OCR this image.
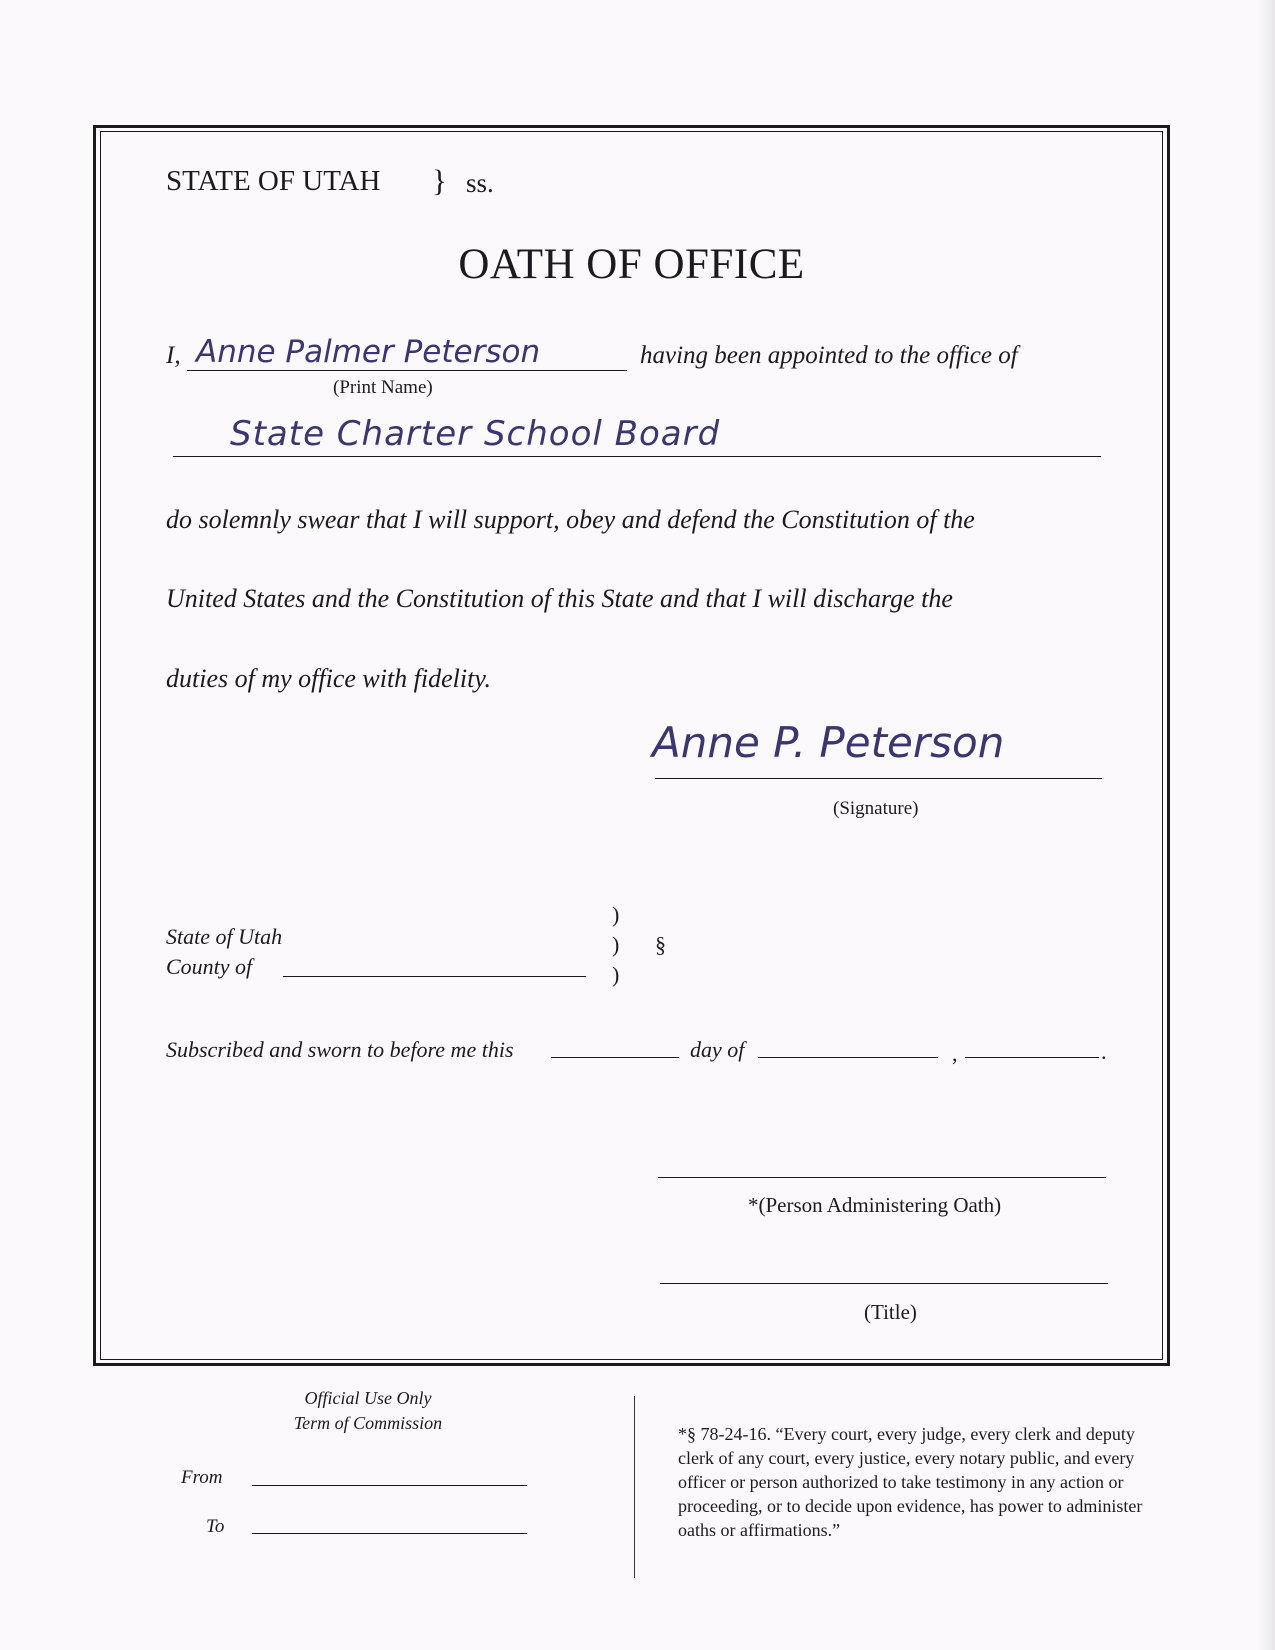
STATE OF UTAH } ss.
OATH OF OFFICE
I, Anne Palmer Peterson	having been appointed to the office of
(Print Name)
State Charter School Board
do solemnly swear that I will support, obey and defend the Constitution of the
United States and the Constitution of this State and that I will discharge the
duties of my office with fidelity.
Anne P. Peterson
(Signature)
State of Utah
County of
)
)
)
§
Subscribed and sworn to before me this	day of	,	.
*(Person Administering Oath)
(Title)
Official Use Only
Term of Commission
From
To
*§ 78-24-16. “Every court, every judge, every clerk and deputy clerk of any court, every justice, every notary public, and every officer or person authorized to take testimony in any action or proceeding, or to decide upon evidence, has power to administer oaths or affirmations.”
